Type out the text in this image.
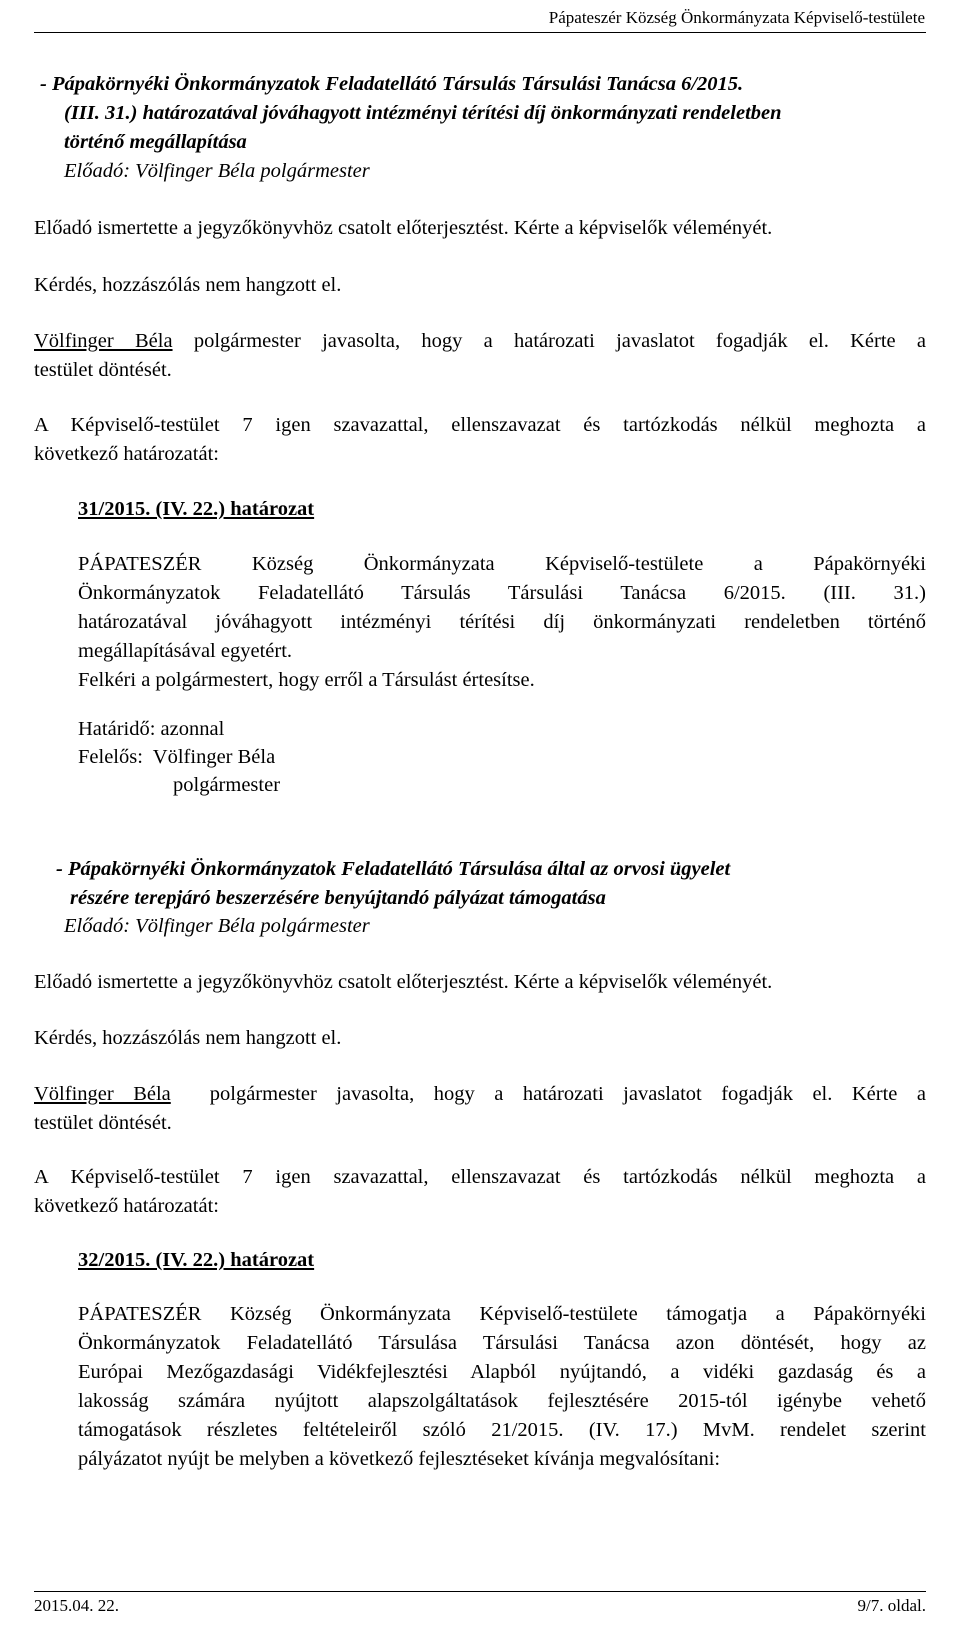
Pápateszér Község Önkormányzata Képviselő-testülete
- Pápakörnyéki Önkormányzatok Feladatellátó Társulás Társulási Tanácsa 6/2015.
(III. 31.) határozatával jóváhagyott intézményi térítési díj önkormányzati rendeletben
történő megállapítása
Előadó: Völfinger Béla polgármester
Előadó ismertette a jegyzőkönyvhöz csatolt előterjesztést. Kérte a képviselők véleményét.
Kérdés, hozzászólás nem hangzott el.
Völfinger Béla polgármester javasolta, hogy a határozati javaslatot fogadják el. Kérte a
testület döntését.
A Képviselő-testület 7 igen szavazattal, ellenszavazat és tartózkodás nélkül meghozta a
következő határozatát:
31/2015. (IV. 22.) határozat
PÁPATESZÉR Község Önkormányzata Képviselő-testülete a Pápakörnyéki
Önkormányzatok Feladatellátó Társulás Társulási Tanácsa 6/2015. (III. 31.)
határozatával jóváhagyott intézményi térítési díj önkormányzati rendeletben történő
megállapításával egyetért.
Felkéri a polgármestert, hogy erről a Társulást értesítse.
Határidő: azonnal
Felelős:  Völfinger Béla
polgármester
- Pápakörnyéki Önkormányzatok Feladatellátó Társulása által az orvosi ügyelet
részére terepjáró beszerzésére benyújtandó pályázat támogatása
Előadó: Völfinger Béla polgármester
Előadó ismertette a jegyzőkönyvhöz csatolt előterjesztést. Kérte a képviselők véleményét.
Kérdés, hozzászólás nem hangzott el.
Völfinger Béla  polgármester javasolta, hogy a határozati javaslatot fogadják el. Kérte a
testület döntését.
A Képviselő-testület 7 igen szavazattal, ellenszavazat és tartózkodás nélkül meghozta a
következő határozatát:
32/2015. (IV. 22.) határozat
PÁPATESZÉR Község Önkormányzata Képviselő-testülete támogatja a Pápakörnyéki
Önkormányzatok Feladatellátó Társulása Társulási Tanácsa azon döntését, hogy az
Európai Mezőgazdasági Vidékfejlesztési Alapból nyújtandó, a vidéki gazdaság és a
lakosság számára nyújtott alapszolgáltatások fejlesztésére 2015-tól igénybe vehető
támogatások részletes feltételeiről szóló 21/2015. (IV. 17.) MvM. rendelet szerint
pályázatot nyújt be melyben a következő fejlesztéseket kívánja megvalósítani:
2015.04. 22.	9/7. oldal.
